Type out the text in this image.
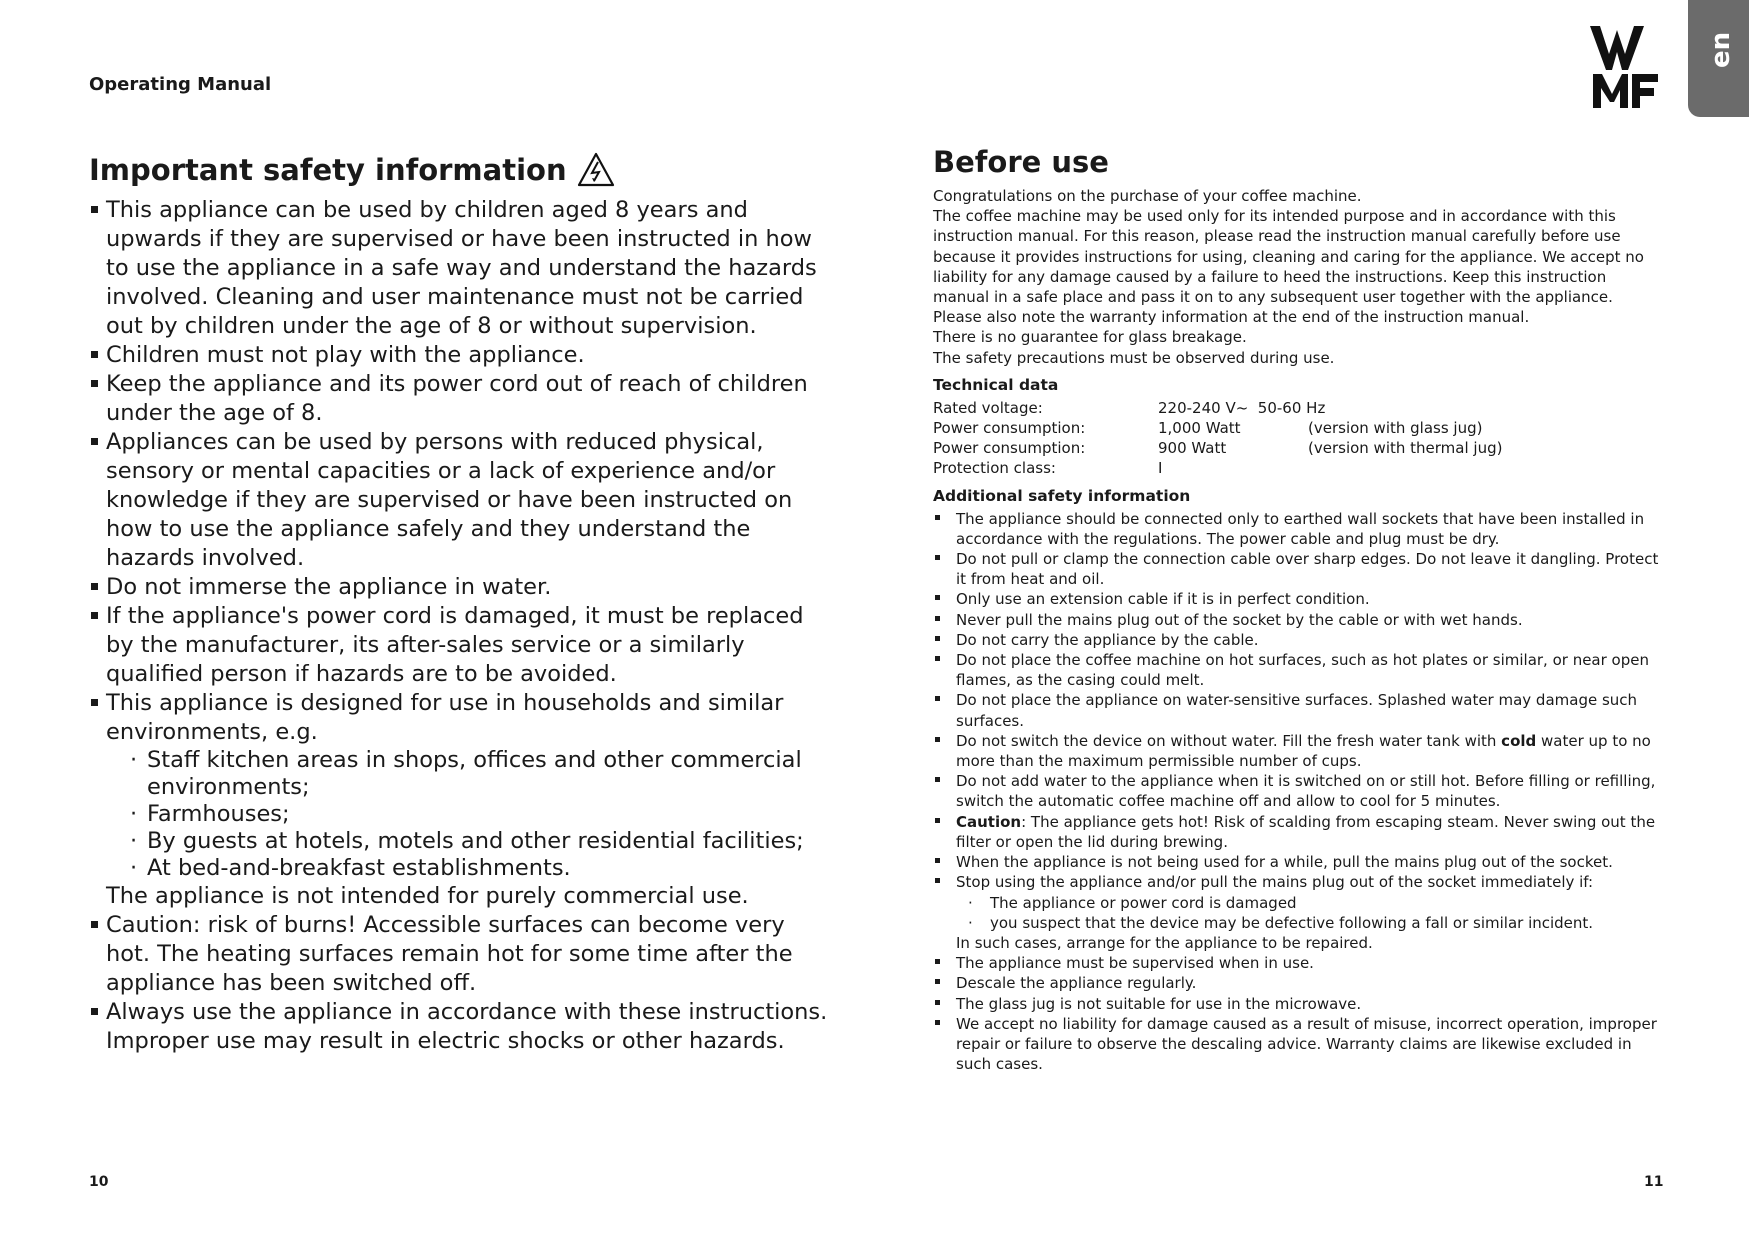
Operating Manual
en
Important safety information
This appliance can be used by children aged 8 years and upwards if they are supervised or have been instructed in how to use the appliance in a safe way and understand the hazards involved. Cleaning and user maintenance must not be carried out by children under the age of 8 or without supervision.
Children must not play with the appliance.
Keep the appliance and its power cord out of reach of children under the age of 8.
Appliances can be used by persons with reduced physical, sensory or mental capacities or a lack of experience and/or knowledge if they are supervised or have been instructed on how to use the appliance safely and they understand the hazards involved.
Do not immerse the appliance in water.
If the appliance's power cord is damaged, it must be replaced by the manufacturer, its after-sales service or a similarly qualified person if hazards are to be avoided.
This appliance is designed for use in households and similar environments, e.g.
· Staff kitchen areas in shops, offices and other commercial environments;
· Farmhouses;
· By guests at hotels, motels and other residential facilities;
· At bed-and-breakfast establishments.
The appliance is not intended for purely commercial use.
Caution: risk of burns! Accessible surfaces can become very hot. The heating surfaces remain hot for some time after the appliance has been switched off.
Always use the appliance in accordance with these instructions. Improper use may result in electric shocks or other hazards.
Before use

Congratulations on the purchase of your coffee machine.

The coffee machine may be used only for its intended purpose and in accordance with this instruction manual. For this reason, please read the instruction manual carefully before use because it provides instructions for using, cleaning and caring for the appliance. We accept no liability for any damage caused by a failure to heed the instructions. Keep this instruction manual in a safe place and pass it on to any subsequent user together with the appliance. Please also note the warranty information at the end of the instruction manual.

There is no guarantee for glass breakage.

The safety precautions must be observed during use.

Technical data
Rated voltage:	220-240 V~  50-60 Hz
Power consumption:	1,000 Watt	(version with glass jug)
Power consumption:	900 Watt	(version with thermal jug)
Protection class:	I
Additional safety information
The appliance should be connected only to earthed wall sockets that have been installed in accordance with the regulations. The power cable and plug must be dry.
Do not pull or clamp the connection cable over sharp edges. Do not leave it dangling. Protect it from heat and oil.
Only use an extension cable if it is in perfect condition.
Never pull the mains plug out of the socket by the cable or with wet hands.
Do not carry the appliance by the cable.
Do not place the coffee machine on hot surfaces, such as hot plates or similar, or near open flames, as the casing could melt.
Do not place the appliance on water-sensitive surfaces. Splashed water may damage such surfaces.
Do not switch the device on without water. Fill the fresh water tank with cold water up to no more than the maximum permissible number of cups.
Do not add water to the appliance when it is switched on or still hot. Before filling or refilling, switch the automatic coffee machine off and allow to cool for 5 minutes.
Caution: The appliance gets hot! Risk of scalding from escaping steam. Never swing out the filter or open the lid during brewing.
When the appliance is not being used for a while, pull the mains plug out of the socket.
Stop using the appliance and/or pull the mains plug out of the socket immediately if:
· The appliance or power cord is damaged
· you suspect that the device may be defective following a fall or similar incident.
In such cases, arrange for the appliance to be repaired.
The appliance must be supervised when in use.
Descale the appliance regularly.
The glass jug is not suitable for use in the microwave.
We accept no liability for damage caused as a result of misuse, incorrect operation, improper repair or failure to observe the descaling advice. Warranty claims are likewise excluded in such cases.
10	11
